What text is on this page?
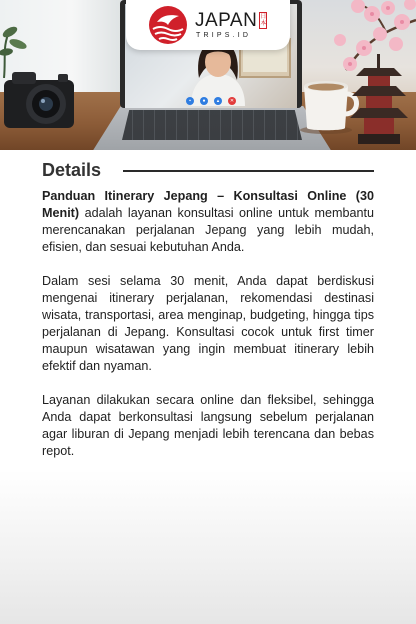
▪	●	▴	✕
JAPAN 日本
TRIPS.ID
Details

Panduan Itinerary Jepang – Konsultasi Online (30 Menit) adalah layanan konsultasi online untuk membantu merencanakan perjalanan Jepang yang lebih mudah, efisien, dan sesuai kebutuhan Anda.

Dalam sesi selama 30 menit, Anda dapat berdiskusi mengenai itinerary perjalanan, rekomendasi destinasi wisata, transportasi, area menginap, budgeting, hingga tips perjalanan di Jepang. Konsultasi cocok untuk first timer maupun wisatawan yang ingin membuat itinerary lebih efektif dan nyaman.

Layanan dilakukan secara online dan fleksibel, sehingga Anda dapat berkonsultasi langsung sebelum perjalanan agar liburan di Jepang menjadi lebih terencana dan bebas repot.
